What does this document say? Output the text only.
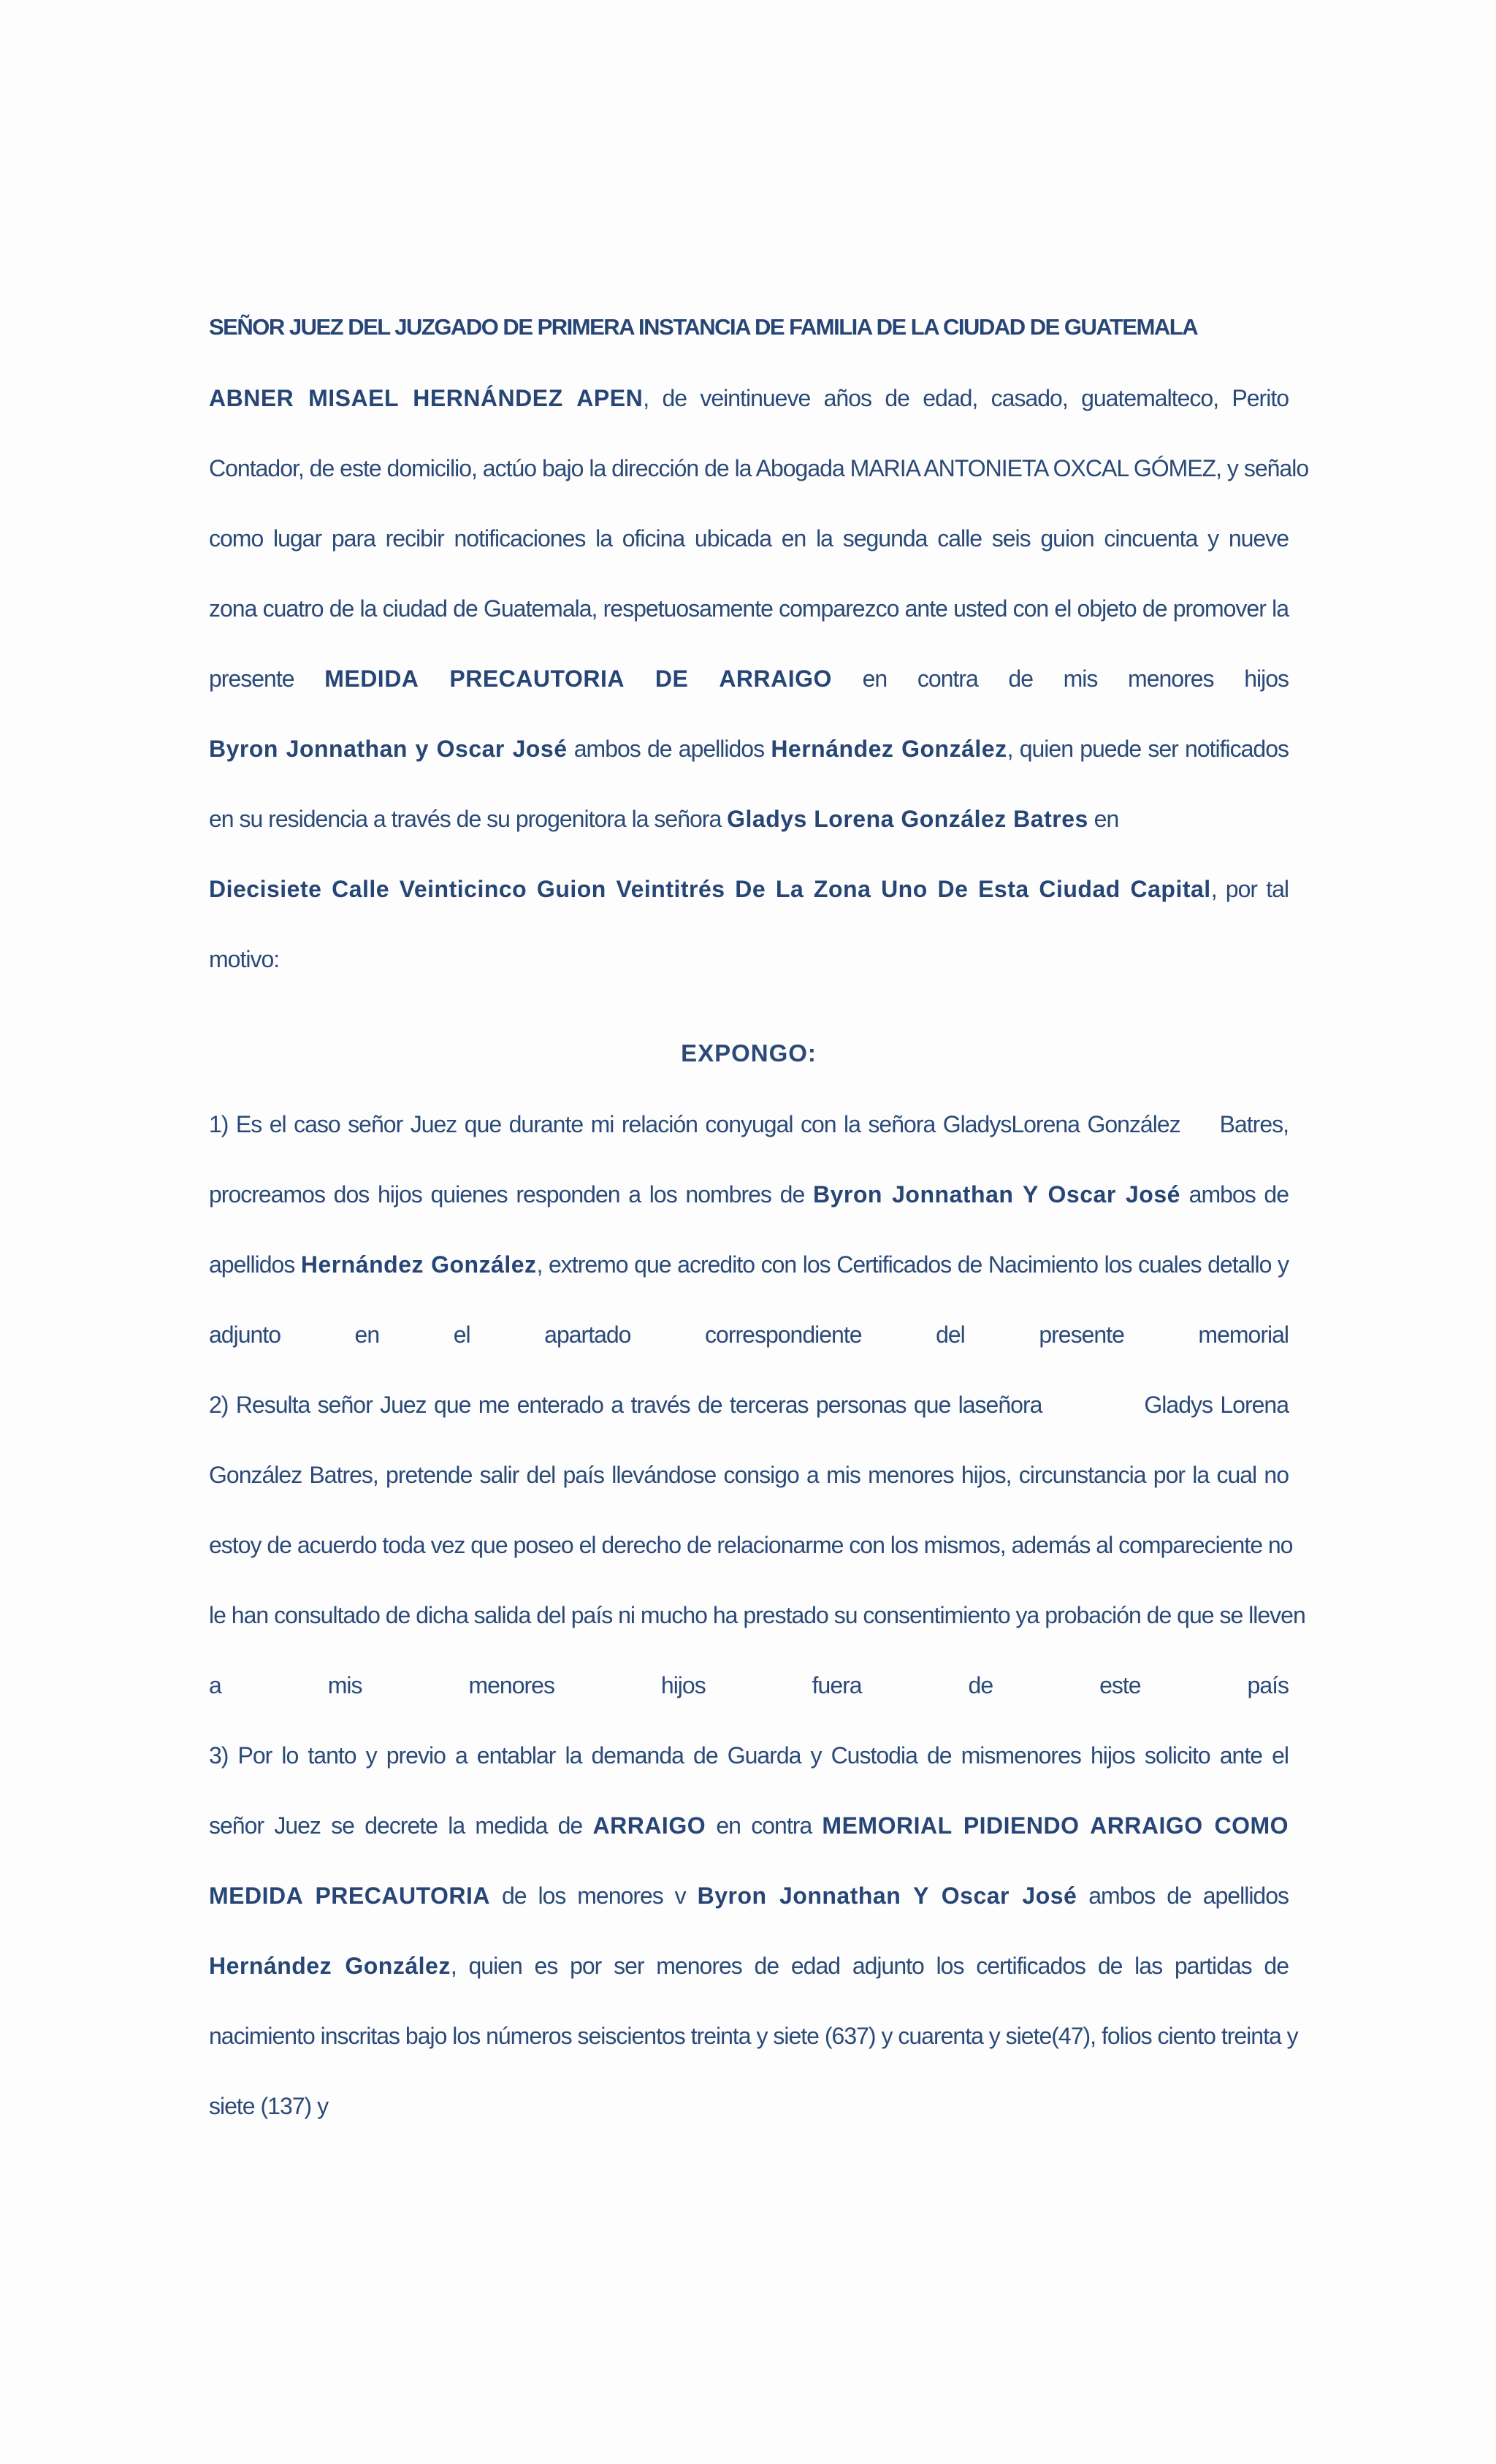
SEÑOR JUEZ DEL JUZGADO DE PRIMERA INSTANCIA DE FAMILIA DE LA CIUDAD DE GUATEMALA
ABNER MISAEL HERNÁNDEZ APEN, de veintinueve años de edad, casado, guatemalteco, Perito
Contador, de este domicilio, actúo bajo la dirección de la Abogada MARIA ANTONIETA OXCAL GÓMEZ, y señalo
como lugar para recibir notificaciones la oficina ubicada en la segunda calle seis guion cincuenta y nueve
zona cuatro de la ciudad de Guatemala, respetuosamente comparezco ante usted con el objeto de promover la
presente MEDIDA PRECAUTORIA DE ARRAIGO en contra de mis menores hijos
Byron Jonnathan y Oscar José ambos de apellidos Hernández González, quien puede ser notificados
en su residencia a través de su progenitora la señora Gladys Lorena González Batres en
Diecisiete Calle Veinticinco Guion Veintitrés De La Zona Uno De Esta Ciudad Capital, por tal
motivo:
EXPONGO:
1) Es el caso señor Juez que durante mi relación conyugal con la señora GladysLorena González Batres,
procreamos dos hijos quienes responden a los nombres de Byron Jonnathan Y Oscar José ambos de
apellidos Hernández González, extremo que acredito con los Certificados de Nacimiento los cuales detallo y
adjunto en el apartado correspondiente del presente memorial
2) Resulta señor Juez que me enterado a través de terceras personas que laseñora	Gladys Lorena
González Batres, pretende salir del país llevándose consigo a mis menores hijos, circunstancia por la cual no
estoy de acuerdo toda vez que poseo el derecho de relacionarme con los mismos, además al compareciente no
le han consultado de dicha salida del país ni mucho ha prestado su consentimiento ya probación de que se lleven
a mis menores hijos fuera de este país
3) Por lo tanto y previo a entablar la demanda de Guarda y Custodia de mismenores hijos solicito ante el
señor Juez se decrete la medida de ARRAIGO en contra MEMORIAL PIDIENDO ARRAIGO COMO
MEDIDA PRECAUTORIA de los menores v Byron Jonnathan Y Oscar José ambos de apellidos
Hernández González, quien es por ser menores de edad adjunto los certificados de las partidas de
nacimiento inscritas bajo los números seiscientos treinta y siete (637) y cuarenta y siete(47), folios ciento treinta y
siete (137) y
